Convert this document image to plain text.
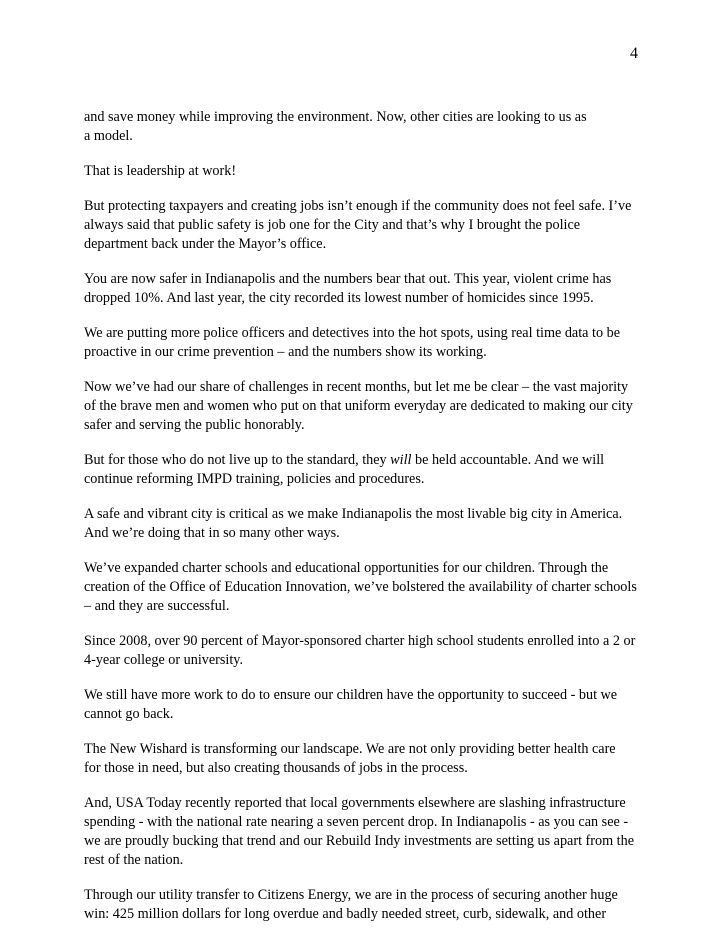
4

and save money while improving the environment. Now, other cities are looking to us as
a model.

That is leadership at work!

But protecting taxpayers and creating jobs isn’t enough if the community does not feel safe. I’ve
always said that public safety is job one for the City and that’s why I brought the police
department back under the Mayor’s office.

You are now safer in Indianapolis and the numbers bear that out. This year, violent crime has
dropped 10%. And last year, the city recorded its lowest number of homicides since 1995.

We are putting more police officers and detectives into the hot spots, using real time data to be
proactive in our crime prevention – and the numbers show its working.

Now we’ve had our share of challenges in recent months, but let me be clear – the vast majority
of the brave men and women who put on that uniform everyday are dedicated to making our city
safer and serving the public honorably.

But for those who do not live up to the standard, they will be held accountable. And we will
continue reforming IMPD training, policies and procedures.

A safe and vibrant city is critical as we make Indianapolis the most livable big city in America.
And we’re doing that in so many other ways.

We’ve expanded charter schools and educational opportunities for our children. Through the
creation of the Office of Education Innovation, we’ve bolstered the availability of charter schools
– and they are successful.

Since 2008, over 90 percent of Mayor-sponsored charter high school students enrolled into a 2 or
4-year college or university.

We still have more work to do to ensure our children have the opportunity to succeed - but we
cannot go back.

The New Wishard is transforming our landscape. We are not only providing better health care
for those in need, but also creating thousands of jobs in the process.

And, USA Today recently reported that local governments elsewhere are slashing infrastructure
spending - with the national rate nearing a seven percent drop. In Indianapolis - as you can see -
we are proudly bucking that trend and our Rebuild Indy investments are setting us apart from the
rest of the nation.

Through our utility transfer to Citizens Energy, we are in the process of securing another huge
win: 425 million dollars for long overdue and badly needed street, curb, sidewalk, and other
